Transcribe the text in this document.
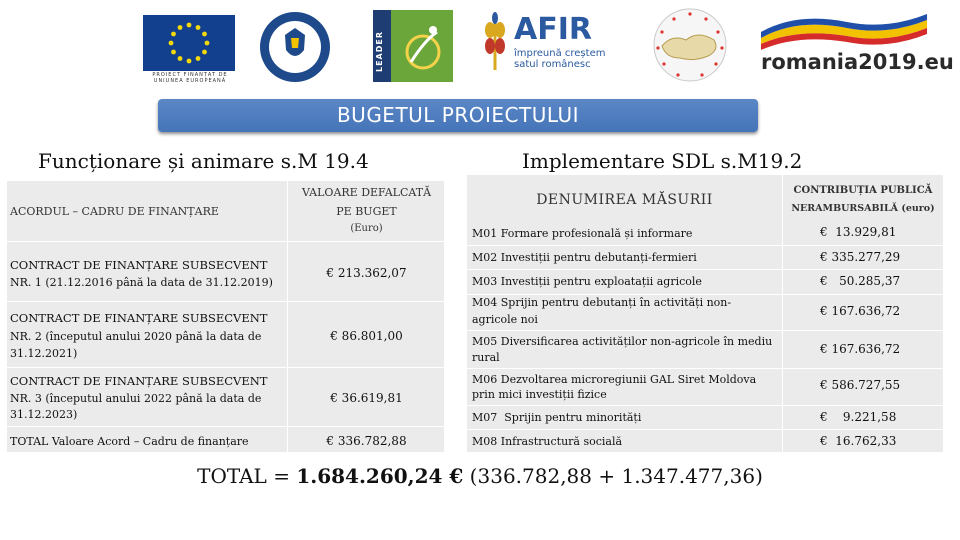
PROIECT FINANȚAT DE UNIUNEA EUROPEANĂ
LEADER
AFIR
împreună creștem
satul românesc	romania2019.eu
BUGETUL PROIECTULUI
Funcționare și animare s.M 19.4	Implementare SDL s.M19.2
ACORDUL – CADRU DE FINANȚARE
VALOARE DEFALCATĂ
PE BUGET
(Euro)
CONTRACT DE FINANȚARE SUBSECVENT
NR. 1 (21.12.2016 până la data de 31.12.2019)
€ 213.362,07
CONTRACT DE FINANȚARE SUBSECVENT
NR. 2 (începutul anului 2020 până la data de
31.12.2021)
€ 86.801,00
CONTRACT DE FINANȚARE SUBSECVENT
NR. 3 (începutul anului 2022 până la data de
31.12.2023)
€ 36.619,81
TOTAL Valoare Acord – Cadru de finanțare	€ 336.782,88
DENUMIREA MĂSURII
CONTRIBUȚIA PUBLICĂ
NERAMBURSABILĂ (euro)
M01 Formare profesională și informare	€  13.929,81
M02 Investiții pentru debutanți-fermieri	€ 335.277,29
M03 Investiții pentru exploatații agricole	€   50.285,37
M04 Sprijin pentru debutanți în activități non-
agricole noi
€ 167.636,72
M05 Diversificarea activităților non-agricole în mediu
rural
€ 167.636,72
M06 Dezvoltarea microregiunii GAL Siret Moldova
prin mici investiții fizice
€ 586.727,55
M07  Sprijin pentru minorități	€    9.221,58
M08 Infrastructură socială	€  16.762,33
TOTAL = 1.684.260,24 € (336.782,88 + 1.347.477,36)
